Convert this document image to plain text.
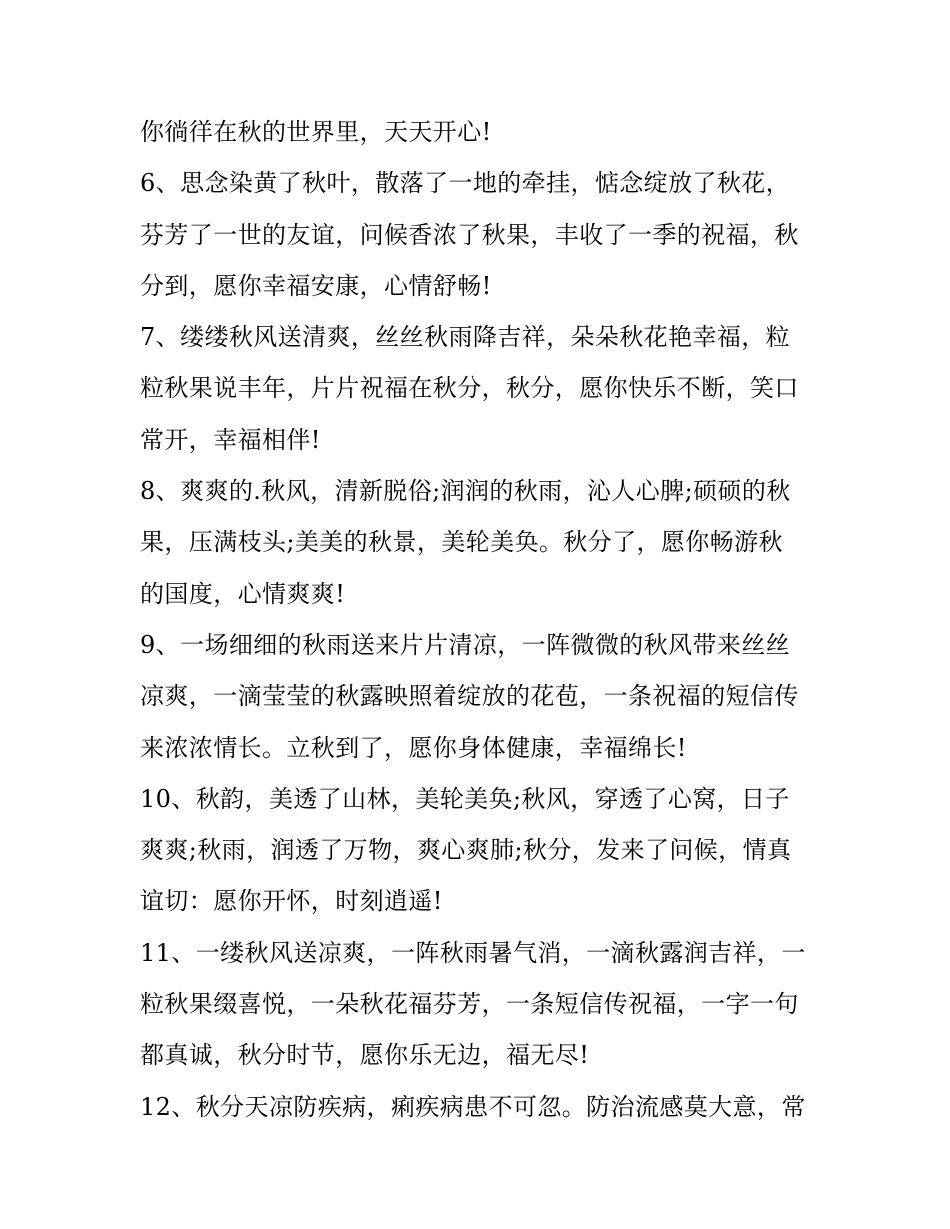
你徜徉在秋的世界里，天天开心!
6、思念染黄了秋叶，散落了一地的牵挂，惦念绽放了秋花，
芬芳了一世的友谊，问候香浓了秋果，丰收了一季的祝福，秋
分到，愿你幸福安康，心情舒畅!
7、缕缕秋风送清爽，丝丝秋雨降吉祥，朵朵秋花艳幸福，粒
粒秋果说丰年，片片祝福在秋分，秋分，愿你快乐不断，笑口
常开，幸福相伴!
8、爽爽的.秋风，清新脱俗;润润的秋雨，沁人心脾;硕硕的秋
果，压满枝头;美美的秋景，美轮美奂。秋分了，愿你畅游秋
的国度，心情爽爽!
9、一场细细的秋雨送来片片清凉，一阵微微的秋风带来丝丝
凉爽，一滴莹莹的秋露映照着绽放的花苞，一条祝福的短信传
来浓浓情长。立秋到了，愿你身体健康，幸福绵长!
10、秋韵，美透了山林，美轮美奂;秋风，穿透了心窝，日子
爽爽;秋雨，润透了万物，爽心爽肺;秋分，发来了问候，情真
谊切：愿你开怀，时刻逍遥!
11、一缕秋风送凉爽，一阵秋雨暑气消，一滴秋露润吉祥，一
粒秋果缀喜悦，一朵秋花福芬芳，一条短信传祝福，一字一句
都真诚，秋分时节，愿你乐无边，福无尽!
12、秋分天凉防疾病，痢疾病患不可忽。防治流感莫大意，常
